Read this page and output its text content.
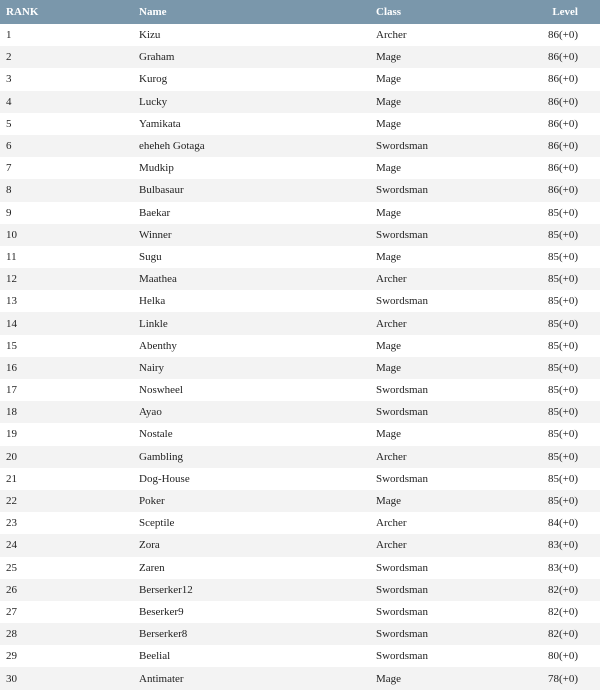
RANK	Name	Class	Level
1	Kizu	Archer	86(+0)
2	Graham	Mage	86(+0)
3	Kurog	Mage	86(+0)
4	Lucky	Mage	86(+0)
5	Yamikata	Mage	86(+0)
6	eheheh Gotaga	Swordsman	86(+0)
7	Mudkip	Mage	86(+0)
8	Bulbasaur	Swordsman	86(+0)
9	Baekar	Mage	85(+0)
10	Winner	Swordsman	85(+0)
11	Sugu	Mage	85(+0)
12	Maathea	Archer	85(+0)
13	Helka	Swordsman	85(+0)
14	Linkle	Archer	85(+0)
15	Abenthy	Mage	85(+0)
16	Nairy	Mage	85(+0)
17	Noswheel	Swordsman	85(+0)
18	Ayao	Swordsman	85(+0)
19	Nostale	Mage	85(+0)
20	Gambling	Archer	85(+0)
21	Dog-House	Swordsman	85(+0)
22	Poker	Mage	85(+0)
23	Sceptile	Archer	84(+0)
24	Zora	Archer	83(+0)
25	Zaren	Swordsman	83(+0)
26	Berserker12	Swordsman	82(+0)
27	Beserker9	Swordsman	82(+0)
28	Berserker8	Swordsman	82(+0)
29	Beelial	Swordsman	80(+0)
30	Antimater	Mage	78(+0)
